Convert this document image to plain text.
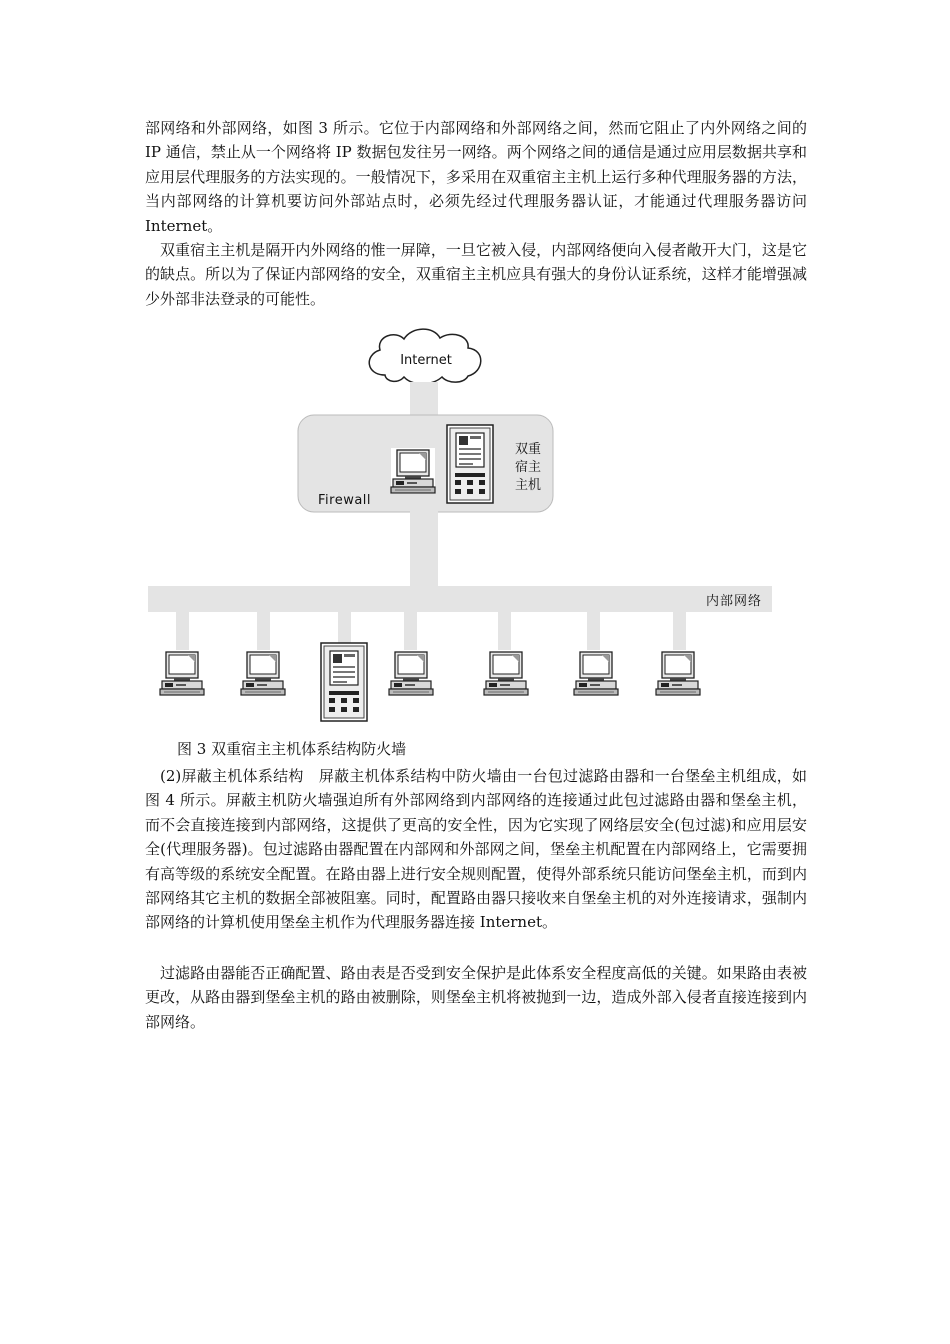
部网络和外部网络，如图 3 所示。它位于内部网络和外部网络之间，然而它阻止了内外网络之间的 IP 通信，禁止从一个网络将 IP 数据包发往另一网络。两个网络之间的通信是通过应用层数据共享和应用层代理服务的方法实现的。一般情况下，多采用在双重宿主主机上运行多种代理服务器的方法，当内部网络的计算机要访问外部站点时，必须先经过代理服务器认证，才能通过代理服务器访问 Internet。

双重宿主主机是隔开内外网络的惟一屏障，一旦它被入侵，内部网络便向入侵者敞开大门，这是它的缺点。所以为了保证内部网络的安全，双重宿主主机应具有强大的身份认证系统，这样才能增强减少外部非法登录的可能性。

Internet
Firewall
双重
宿主
主机
内部网络
图 3 双重宿主主机体系结构防火墙

(2)屏蔽主机体系结构　屏蔽主机体系结构中防火墙由一台包过滤路由器和一台堡垒主机组成，如图 4 所示。屏蔽主机防火墙强迫所有外部网络到内部网络的连接通过此包过滤路由器和堡垒主机，而不会直接连接到内部网络，这提供了更高的安全性，因为它实现了网络层安全(包过滤)和应用层安全(代理服务器)。包过滤路由器配置在内部网和外部网之间，堡垒主机配置在内部网络上，它需要拥有高等级的系统安全配置。在路由器上进行安全规则配置，使得外部系统只能访问堡垒主机，而到内部网络其它主机的数据全部被阻塞。同时，配置路由器只接收来自堡垒主机的对外连接请求，强制内部网络的计算机使用堡垒主机作为代理服务器连接 Internet。

过滤路由器能否正确配置、路由表是否受到安全保护是此体系安全程度高低的关键。如果路由表被更改，从路由器到堡垒主机的路由被删除，则堡垒主机将被抛到一边，造成外部入侵者直接连接到内部网络。
